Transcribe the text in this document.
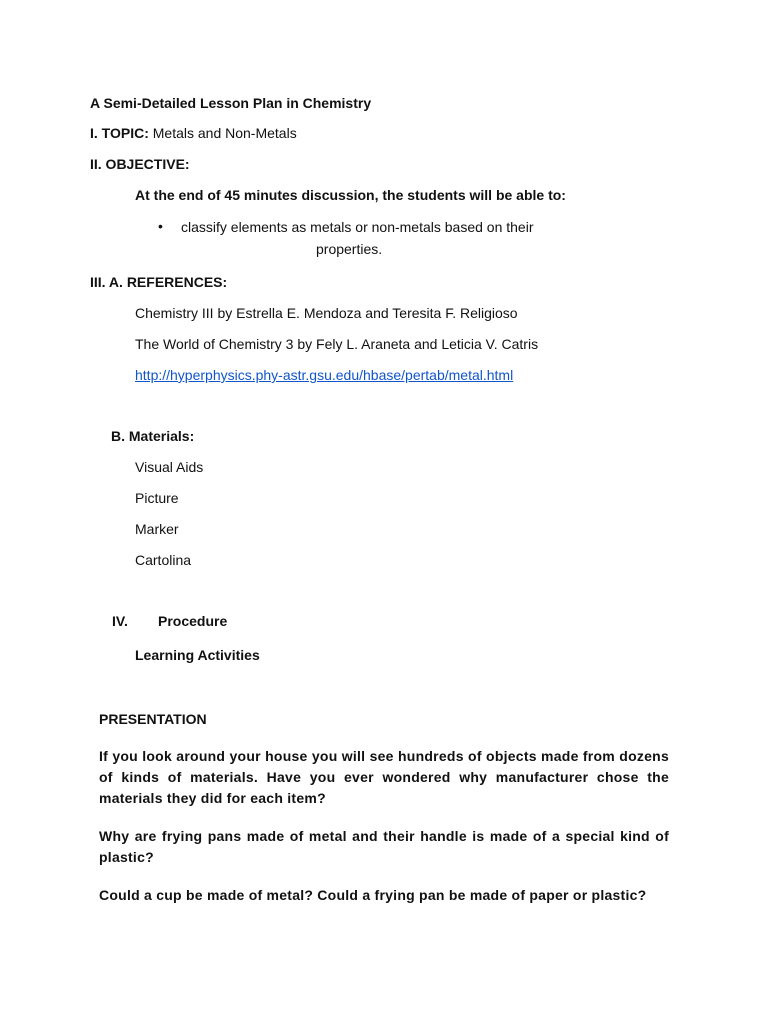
A Semi-Detailed Lesson Plan in Chemistry
I. TOPIC: Metals and Non-Metals
II. OBJECTIVE:
At the end of 45 minutes discussion, the students will be able to:
• classify elements as metals or non-metals based on their
properties.
III. A. REFERENCES:
Chemistry III by Estrella E. Mendoza and Teresita F. Religioso
The World of Chemistry 3 by Fely L. Araneta and Leticia V. Catris
http://hyperphysics.phy-astr.gsu.edu/hbase/pertab/metal.html
B. Materials:
Visual Aids
Picture
Marker
Cartolina
IV. Procedure
Learning Activities
PRESENTATION

If you look around your house you will see hundreds of objects made from dozens of kinds of materials. Have you ever wondered why manufacturer chose the materials they did for each item?

Why are frying pans made of metal and their handle is made of a special kind of plastic?

Could a cup be made of metal? Could a frying pan be made of paper or plastic?
